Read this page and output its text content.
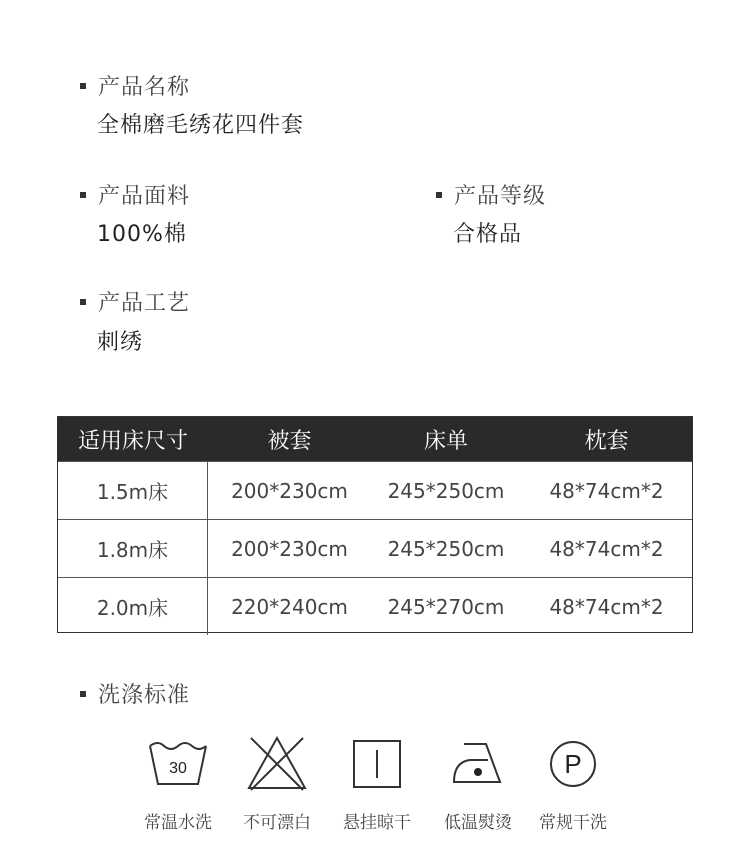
产品名称
全棉磨毛绣花四件套
产品面料
100%棉
产品等级
合格品
产品工艺
刺绣
适用床尺寸	被套	床单	枕套
1.5m床	200*230cm	245*250cm	48*74cm*2
1.8m床	200*230cm	245*250cm	48*74cm*2
2.0m床	220*240cm	245*270cm	48*74cm*2
洗涤标准
30
常温水洗 不可漂白 悬挂晾干 低温熨烫
P
常规干洗
